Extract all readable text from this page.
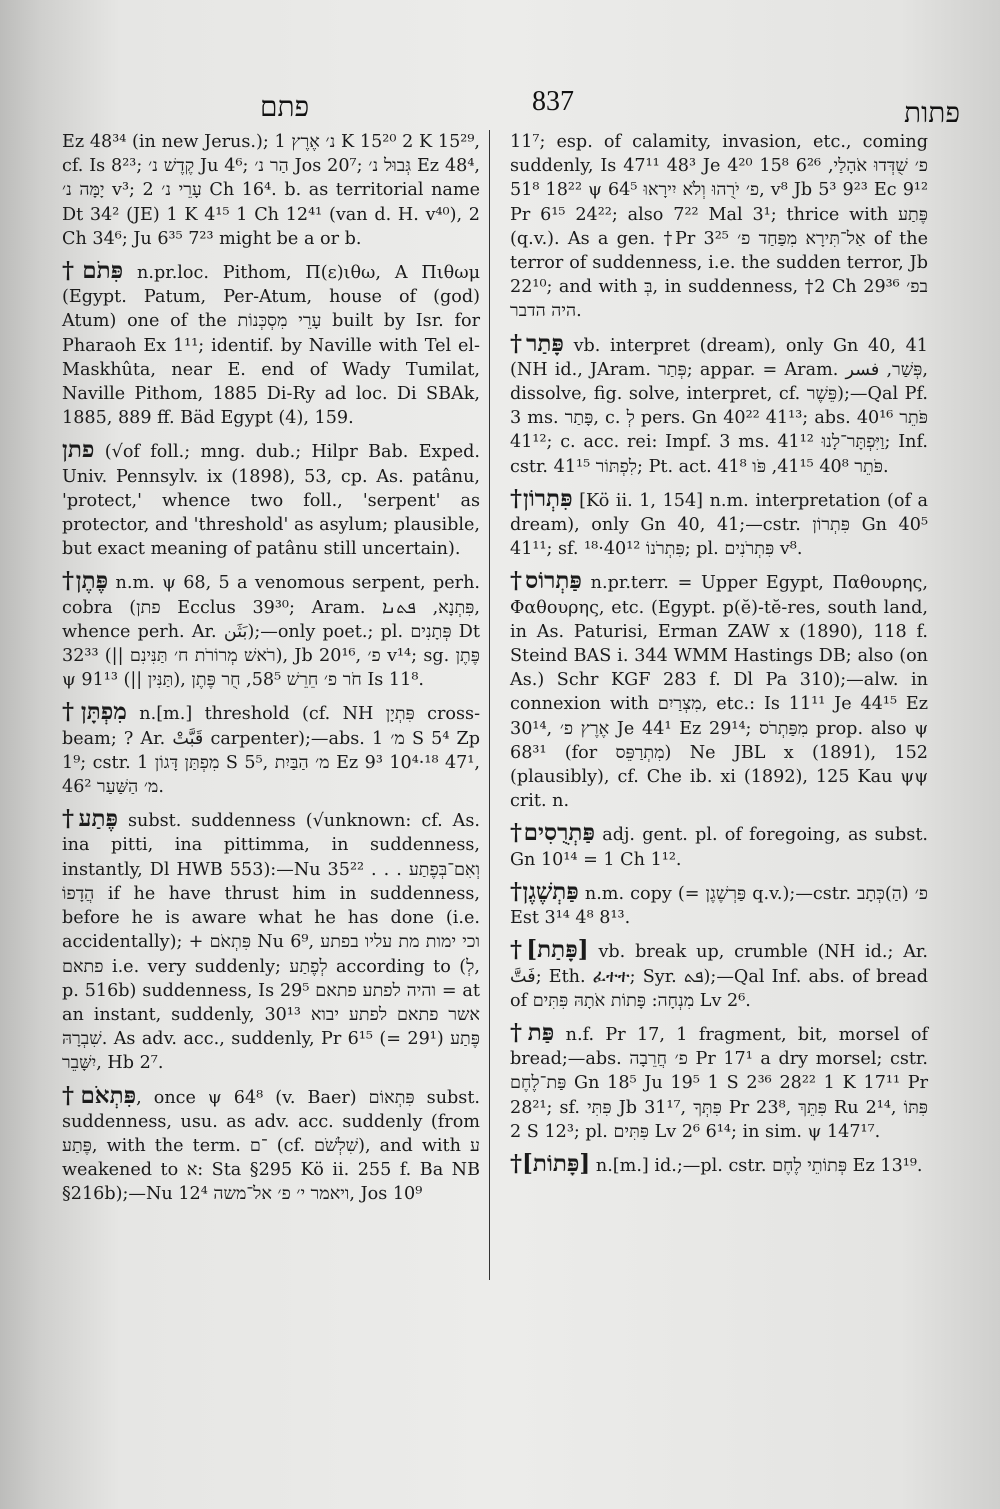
פתם	837	פתות

Ez 48³⁴ (in new Jerus.); נ׳ אֶרֶץ 1 K 15²⁰ 2 K 15²⁹, cf. Is 8²³; קֶדֶשׁ נ׳ Ju 4⁶; הַר נ׳ Jos 20⁷; גְּבוּל נ׳ Ez 48⁴, יָמָּה נ׳ v³; עָרֵי נ׳ 2 Ch 16⁴. b. as territorial name Dt 34² (JE) 1 K 4¹⁵ 1 Ch 12⁴¹ (van d. H. v⁴⁰), 2 Ch 34⁶; Ju 6³⁵ 7²³ might be a or b.

†פִּתֹם n.pr.loc. Pithom, Π(ε)ιθω, Α Πιθωμ (Egypt. Patum, Per-Atum, house of (god) Atum) one of the עָרֵי מִסְכְּנוֹת built by Isr. for Pharaoh Ex 1¹¹; identif. by Naville with Tel el-Maskhûta, near E. end of Wady Tumilat, Naville Pithom, 1885 Di-Ry ad loc. Di SBAk, 1885, 889 ff. Bäd Egypt (4), 159.

פתן (√of foll.; mng. dub.; Hilpr Bab. Exped. Univ. Pennsylv. ix (1898), 53, cp. As. patânu, 'protect,' whence two foll., 'serpent' as protector, and 'threshold' as asylum; plausible, but exact meaning of patânu still uncertain).

†פֶּתֶן n.m. ψ 68, 5 a venomous serpent, perh. cobra (פתן Ecclus 39³⁰; Aram. פִּתְנָא, ܦܬܢܐ, whence perh. Ar. بَثَن);—only poet.; pl. פְּתָנִים Dt 32³³ (|| רֹאשׁ מְרוֹרֹת ח׳ תַּנִּינִם), Jb 20¹⁶, פ׳ v¹⁴; sg. פֶּתֶן ψ 91¹³ (|| תַּנִּין), חֹר פ׳ חֵרֵשׁ 58⁵, חֻר פֶּתֶן Is 11⁸.

†מִפְתָּן n.[m.] threshold (cf. NH פִּתְיָן cross-beam; ? Ar. قَبَّتْ carpenter);—abs. מ׳ 1 S 5⁴ Zp 1⁹; cstr. מִפְתַּן דָּגוֹן 1 S 5⁵, מ׳ הַבַּיִת Ez 9³ 10⁴·¹⁸ 47¹, מ׳ הַשַּׁעַר 46².

†פֶּתַע subst. suddenness (√unknown: cf. As. ina pitti, ina pittimma, in suddenness, instantly, Dl HWB 553):—Nu 35²² . . . וְאִם־בְּפֶתַע הֲדָפוֹ if he have thrust him in suddenness, before he is aware what he has done (i.e. accidentally); + פִּתְאֹם Nu 6⁹, וכי ימות מת עליו בפתע פתאם i.e. very suddenly; לְפֶתַע according to (לְ, p. 516b) suddenness, Is 29⁵ והיה לפתע פתאם = at an instant, suddenly, 30¹³ אשר פתאם לפתע יבוא שִׁבְרָהּ. As adv. acc., suddenly, Pr 6¹⁵ (= 29¹) פֶּתַע יִשָּׁבֵר, Hb 2⁷.

†פִּתְאֹם, once ψ 64⁸ (v. Baer) פִּתְאוֹם subst. suddenness, usu. as adv. acc. suddenly (from פֶּתַע, with the term. ־ם (cf. שִׁלְשֹׁם), and with ע weakened to א: Sta §295 Kö ii. 255 f. Ba NB §216b);—Nu 12⁴ ויאמר י׳ פ׳ אל־משה, Jos 10⁹

11⁷; esp. of calamity, invasion, etc., coming suddenly, Is 47¹¹ 48³ Je 4²⁰ פ׳ שֻׁדְּדוּ אֹהָלַי, 6²⁶ 15⁸ 18²² 51⁸ ψ 64⁵ פ׳ יֹרֻהוּ וְלֹא יִירָאוּ, v⁸ Jb 5³ 9²³ Ec 9¹² Pr 6¹⁵ 24²²; also 7²² Mal 3¹; thrice with פֶּתַע (q.v.). As a gen. †Pr 3²⁵ אַל־תִּירָא מִפַּחַד פ׳ of the terror of suddenness, i.e. the sudden terror, Jb 22¹⁰; and with בְּ, in suddenness, †2 Ch 29³⁶ בפ׳ היה הדבר.

†פָּתַר vb. interpret (dream), only Gn 40, 41 (NH id., JAram. פְּתַר; appar. = Aram. פְּשַׁר, فسر, dissolve, fig. solve, interpret, cf. פֵּשֶׁר);—Qal Pf. 3 ms. פָּתַר, c. לְ pers. Gn 40²² 41¹³; abs. פֹּתֵר 40¹⁶ 41¹²; c. acc. rei: Impf. 3 ms. וַיִּפְתָּר־לָנוּ 41¹²; Inf. cstr. לִפְתּוֹר 41¹⁵; Pt. act. פֹּתֵר 40⁸ 41¹⁵, פֹּו 41⁸.

†פִּתְרוֹן [Kö ii. 1, 154] n.m. interpretation (of a dream), only Gn 40, 41;—cstr. פִּתְרוֹן Gn 40⁵ 41¹¹; sf. פִּתְרֹנוֹ 40¹²·¹⁸; pl. פִּתְרֹנִים v⁸.

†פַּתְרוֹס n.pr.terr. = Upper Egypt, Παθουρης, Φαθουρης, etc. (Egypt. p(ĕ)-tĕ-res, south land, in As. Paturisi, Erman ZAW x (1890), 118 f. Steind BAS i. 344 WMM Hastings DB; also (on As.) Schr KGF 283 f. Dl Pa 310);—alw. in connexion with מִצְרַיִם, etc.: Is 11¹¹ Je 44¹⁵ Ez 30¹⁴, אֶרֶץ פ׳ Je 44¹ Ez 29¹⁴; מִפַּתְרֹס prop. also ψ 68³¹ (for מִתְרַפֵּס) Ne JBL x (1891), 152 (plausibly), cf. Che ib. xi (1892), 125 Kau ψψ crit. n.

†פַּתְרֻסִים adj. gent. pl. of foregoing, as subst. Gn 10¹⁴ = 1 Ch 1¹².

†פַּתְשֶׁגֶן n.m. copy (= פַּרְשֶׁגֶן q.v.);—cstr. פ׳ (הַ)כְּתָב Est 3¹⁴ 4⁸ 8¹³.

†[פָּתַת] vb. break up, crumble (NH id.; Ar. فَتَّ; Eth. ፈተተ; Syr. ܦܬ);—Qal Inf. abs. of bread of מִנְחָה: פָּתוֹת אֹתָהּ פִּתִּים Lv 2⁶.

†פַּת n.f. Pr 17, 1 fragment, bit, morsel of bread;—abs. פ׳ חֲרֵבָה Pr 17¹ a dry morsel; cstr. פַּת־לֶחֶם Gn 18⁵ Ju 19⁵ 1 S 2³⁶ 28²² 1 K 17¹¹ Pr 28²¹; sf. פִּתִּי Jb 31¹⁷, פִּתְּךָ Pr 23⁸, פִּתֵּךְ Ru 2¹⁴, פִּתּוֹ 2 S 12³; pl. פִּתִּים Lv 2⁶ 6¹⁴; in sim. ψ 147¹⁷.

†[פָּתוֹת] n.[m.] id.;—pl. cstr. פְּתוֹתֵי לֶחֶם Ez 13¹⁹.
